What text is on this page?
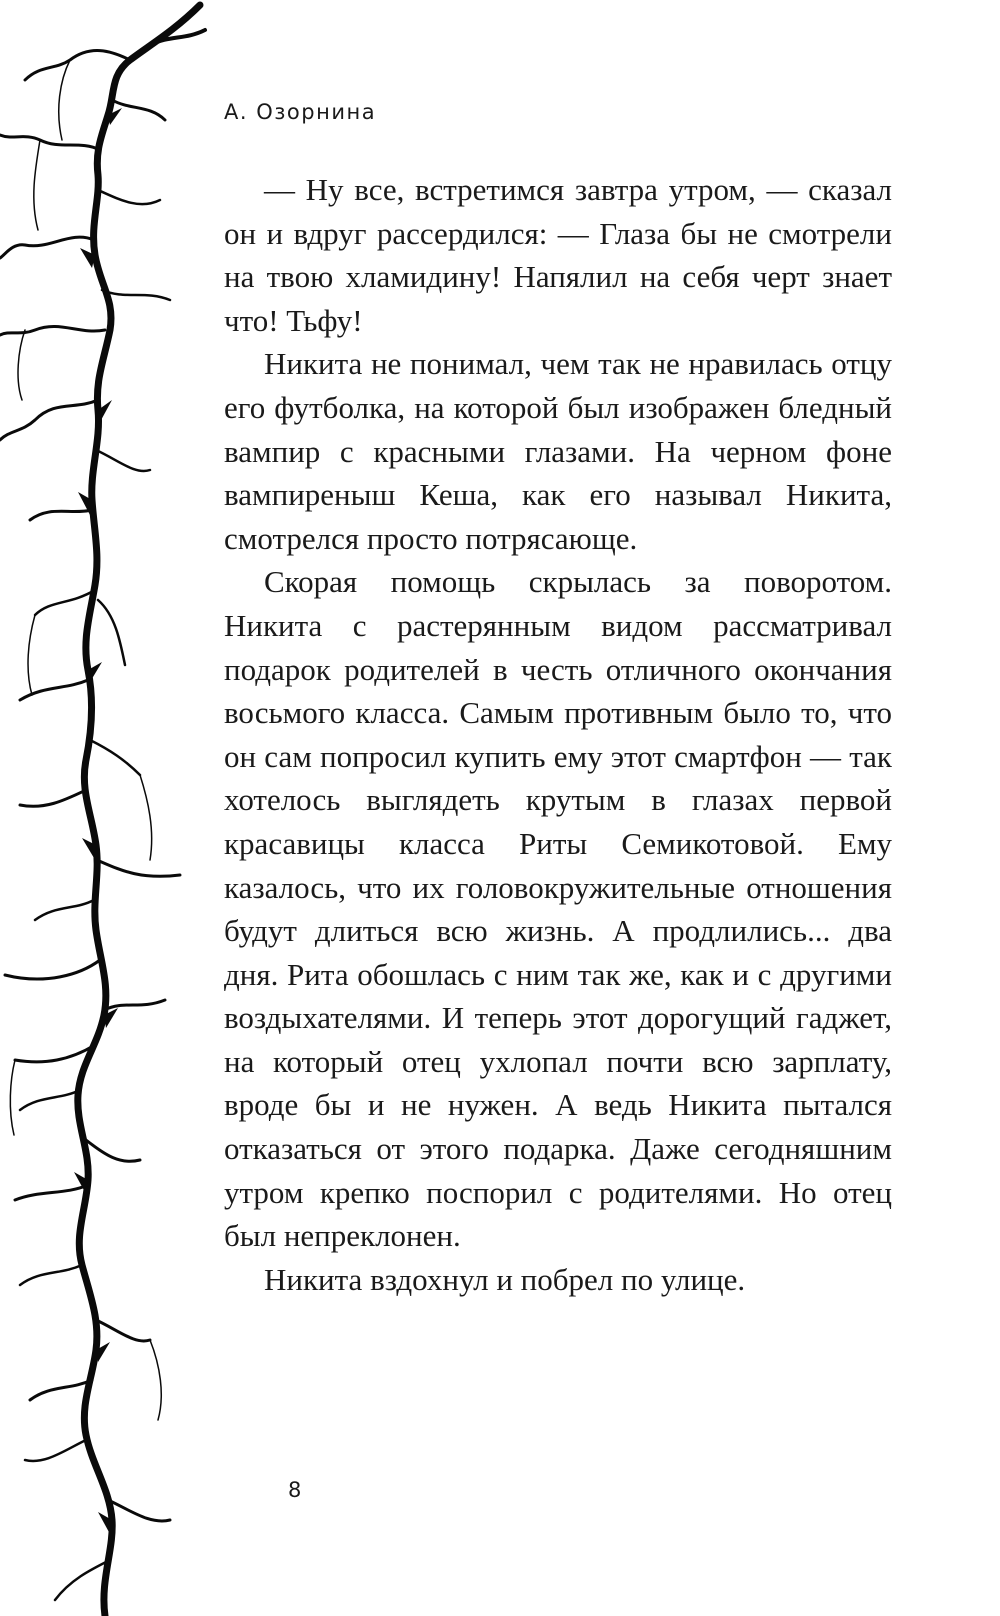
А. Озорнина

— Ну все, встретимся завтра утром, — сказал он и вдруг рассердился: — Глаза бы не смотрели на твою хламидину! Напялил на себя черт знает что! Тьфу!

Никита не понимал, чем так не нравилась отцу его футболка, на которой был изображен бледный вампир с красными глазами. На черном фоне вампиреныш Кеша, как его называл Никита, смотрелся просто потрясающе.

Скорая помощь скрылась за поворотом. Никита с растерянным видом рассматривал подарок родителей в честь отличного окончания восьмого класса. Самым противным было то, что он сам попросил купить ему этот смартфон — так хотелось выглядеть крутым в глазах первой красавицы класса Риты Семикотовой. Ему казалось, что их головокружительные отношения будут длиться всю жизнь. А продлились... два дня. Рита обошлась с ним так же, как и с другими воздыхателями. И теперь этот дорогущий гаджет, на который отец ухлопал почти всю зарплату, вроде бы и не нужен. А ведь Никита пытался отказаться от этого подарка. Даже сегодняшним утром крепко поспорил с родителями. Но отец был непреклонен.

Никита вздохнул и побрел по улице.

8
